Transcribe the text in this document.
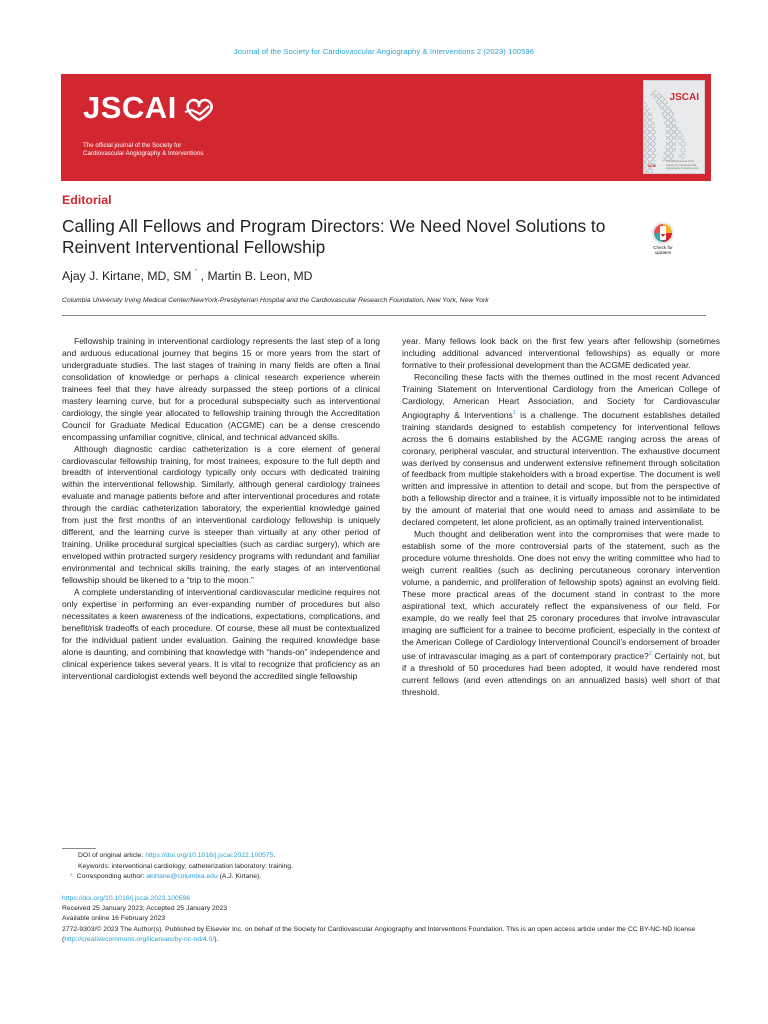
Journal of the Society for Cardiovascular Angiography & Interventions 2 (2023) 100596
JSCAI
The official journal of the Society for
Cardiovascular Angiography & Interventions
JSCAI
SCAI
The official journal of the Society for Cardiovascular Angiography & Interventions
Editorial
Calling All Fellows and Program Directors: We Need Novel Solutions to Reinvent Interventional Fellowship	Check for
updates
Ajay J. Kirtane, MD, SM * , Martin B. Leon, MD
Columbia University Irving Medical Center/NewYork-Presbyterian Hospital and the Cardiovascular Research Foundation, New York, New York

Fellowship training in interventional cardiology represents the last step of a long and arduous educational journey that begins 15 or more years from the start of undergraduate studies. The last stages of training in many fields are often a final consolidation of knowledge or perhaps a clinical research experience wherein trainees feel that they have already surpassed the steep portions of a clinical mastery learning curve, but for a procedural subspecialty such as interventional cardiology, the single year allocated to fellowship training through the Accreditation Council for Graduate Medical Education (ACGME) can be a dense crescendo encompassing unfamiliar cognitive, clinical, and technical advanced skills.

Although diagnostic cardiac catheterization is a core element of general cardiovascular fellowship training, for most trainees, exposure to the full depth and breadth of interventional cardiology typically only occurs with dedicated training within the interventional fellowship. Similarly, although general cardiology trainees evaluate and manage patients before and after interventional procedures and rotate through the cardiac catheterization laboratory, the experiential knowledge gained from just the first months of an interventional cardiology fellowship is uniquely different, and the learning curve is steeper than virtually at any other period of training. Unlike procedural surgical specialties (such as cardiac surgery), which are enveloped within protracted surgery residency programs with redundant and familiar environmental and technical skills training, the early stages of an interventional fellowship should be likened to a “trip to the moon.”

A complete understanding of interventional cardiovascular medicine requires not only expertise in performing an ever-expanding number of procedures but also necessitates a keen awareness of the indications, expectations, complications, and benefit/risk tradeoffs of each procedure. Of course, these all must be contextualized for the individual patient under evaluation. Gaining the required knowledge base alone is daunting, and combining that knowledge with “hands-on” independence and clinical experience takes several years. It is vital to recognize that proficiency as an interventional cardiologist extends well beyond the accredited single fellowship

year. Many fellows look back on the first few years after fellowship (sometimes including additional advanced interventional fellowships) as equally or more formative to their professional development than the ACGME dedicated year.

Reconciling these facts with the themes outlined in the most recent Advanced Training Statement on Interventional Cardiology from the American College of Cardiology, American Heart Association, and Society for Cardiovascular Angiography & Interventions$^1$ is a challenge. The document establishes detailed training standards designed to establish competency for interventional fellows across the 6 domains established by the ACGME ranging across the areas of coronary, peripheral vascular, and structural intervention. The exhaustive document was derived by consensus and underwent extensive refinement through solicitation of feedback from multiple stakeholders with a broad expertise. The document is well written and impressive in attention to detail and scope, but from the perspective of both a fellowship director and a trainee, it is virtually impossible not to be intimidated by the amount of material that one would need to amass and assimilate to be declared competent, let alone proficient, as an optimally trained interventionalist.

Much thought and deliberation went into the compromises that were made to establish some of the more controversial parts of the statement, such as the procedure volume thresholds. One does not envy the writing committee who had to weigh current realities (such as declining percutaneous coronary intervention volume, a pandemic, and proliferation of fellowship spots) against an evolving field. These more practical areas of the document stand in contrast to the more aspirational text, which accurately reflect the expansiveness of our field. For example, do we really feel that 25 coronary procedures that involve intravascular imaging are sufficient for a trainee to become proficient, especially in the context of the American College of Cardiology Interventional Council’s endorsement of broader use of intravascular imaging as a part of contemporary practice?$^2$ Certainly not, but if a threshold of 50 procedures had been adopted, it would have rendered most current fellows (and even attendings on an annualized basis) well short of that threshold.

DOI of original article: https://doi.org/10.1016/j.jscai.2022.100575.
Keywords: interventional cardiology; catheterization laboratory; training.
* Corresponding author: akirtane@columbia.edu (A.J. Kirtane).
https://doi.org/10.1016/j.jscai.2023.100596
Received 25 January 2023; Accepted 25 January 2023
Available online 16 February 2023
2772-9303/© 2023 The Author(s). Published by Elsevier Inc. on behalf of the Society for Cardiovascular Angiography and Interventions Foundation. This is an open access article under the CC BY-NC-ND license (http://creativecommons.org/licenses/by-nc-nd/4.0/).
